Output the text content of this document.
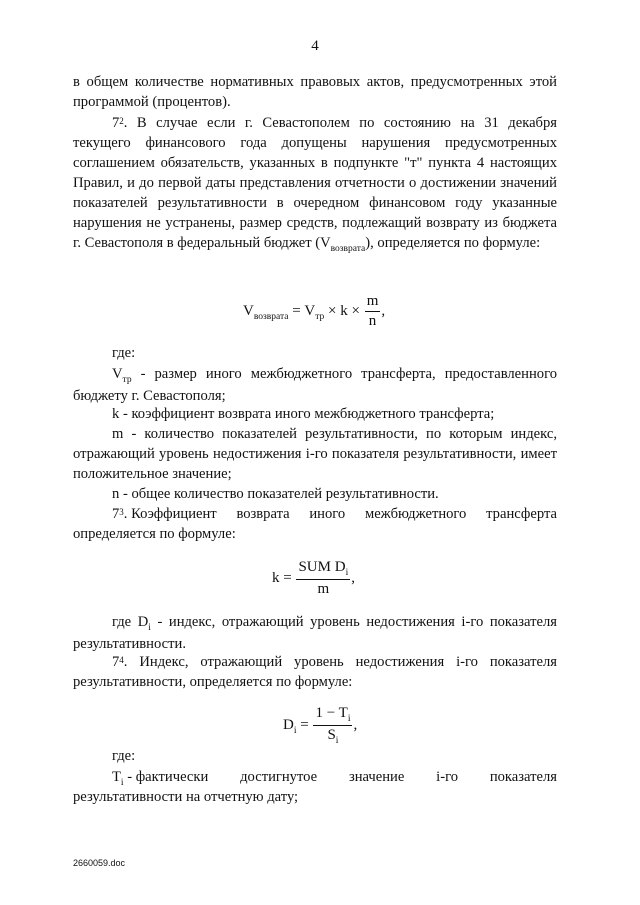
4
в общем количестве нормативных правовых актов, предусмотренных этой программой (процентов).
$7^2$. В случае если г. Севастополем по состоянию на 31 декабря текущего финансового года допущены нарушения предусмотренных соглашением обязательств, указанных в подпункте "т" пункта 4 настоящих Правил, и до первой даты представления отчетности о достижении значений показателей результативности в очередном финансовом году указанные нарушения не устранены, размер средств, подлежащий возврату из бюджета г. Севастополя в федеральный бюджет $(V_{возврата})$, определяется по формуле:
$V_{возврата} = V_{тр} \times k \times \frac{m}{n}$ ,
где:
$V_{тр}$ - размер иного межбюджетного трансферта, предоставленного бюджету г. Севастополя;
k - коэффициент возврата иного межбюджетного трансферта;
m - количество показателей результативности, по которым индекс, отражающий уровень недостижения i-го показателя результативности, имеет положительное значение;
n - общее количество показателей результативности.
$7^3$. Коэффициент возврата иного межбюджетного трансферта
определяется по формуле:
$k = \frac{SUM D_i}{m}$ ,
где $D_i$ - индекс, отражающий уровень недостижения i-го показателя результативности.
$7^4$. Индекс, отражающий уровень недостижения i-го показателя результативности, определяется по формуле:
$D_i = \frac{1 - T_i}{S_i}$ ,
где:
$T_i$ - фактически достигнутое значение i-го показателя
результативности на отчетную дату;
2660059.doc
